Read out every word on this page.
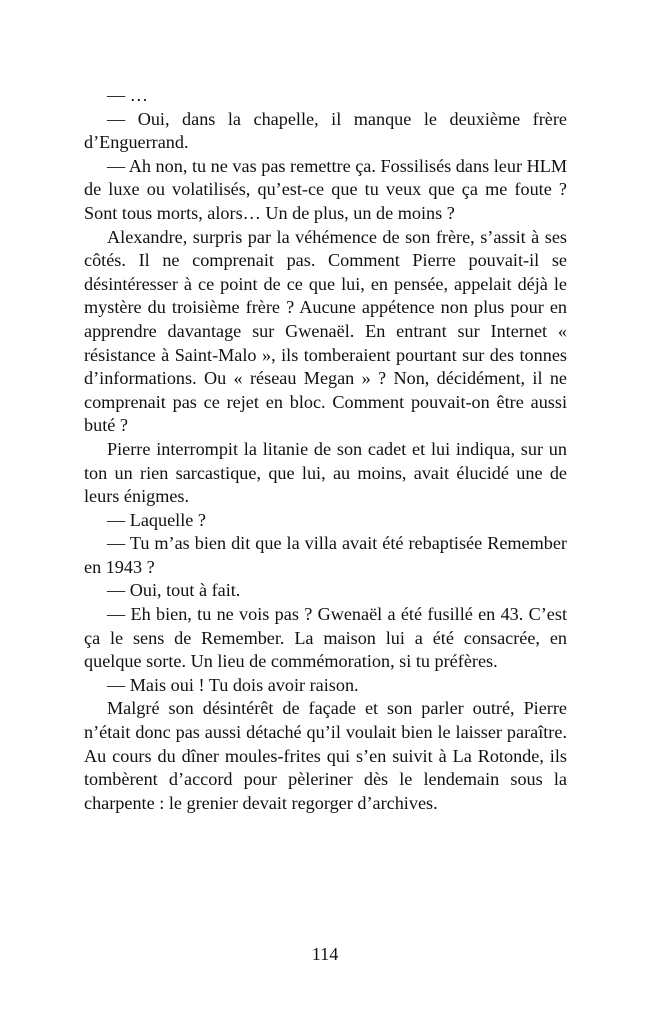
— …

— Oui, dans la chapelle, il manque le deuxième frère d’Enguerrand.

— Ah non, tu ne vas pas remettre ça. Fossilisés dans leur HLM de luxe ou volatilisés, qu’est-ce que tu veux que ça me foute ? Sont tous morts, alors… Un de plus, un de moins ?

Alexandre, surpris par la véhémence de son frère, s’assit à ses côtés. Il ne comprenait pas. Comment Pierre pouvait-il se désintéresser à ce point de ce que lui, en pensée, appelait déjà le mystère du troisième frère ? Aucune appétence non plus pour en apprendre davantage sur Gwenaël. En entrant sur Internet « résistance à Saint-Malo », ils tomberaient pourtant sur des tonnes d’informations. Ou « réseau Megan » ? Non, décidément, il ne comprenait pas ce rejet en bloc. Comment pouvait-on être aussi buté ?

Pierre interrompit la litanie de son cadet et lui indiqua, sur un ton un rien sarcastique, que lui, au moins, avait élucidé une de leurs énigmes.

— Laquelle ?

— Tu m’as bien dit que la villa avait été rebaptisée Remember en 1943 ?

— Oui, tout à fait.

— Eh bien, tu ne vois pas ? Gwenaël a été fusillé en 43. C’est ça le sens de Remember. La maison lui a été consacrée, en quelque sorte. Un lieu de commémoration, si tu préfères.

— Mais oui ! Tu dois avoir raison.

Malgré son désintérêt de façade et son parler outré, Pierre n’était donc pas aussi détaché qu’il voulait bien le laisser paraître. Au cours du dîner moules-frites qui s’en suivit à La Rotonde, ils tombèrent d’accord pour pèleriner dès le lendemain sous la charpente : le grenier devait regorger d’archives.

114
